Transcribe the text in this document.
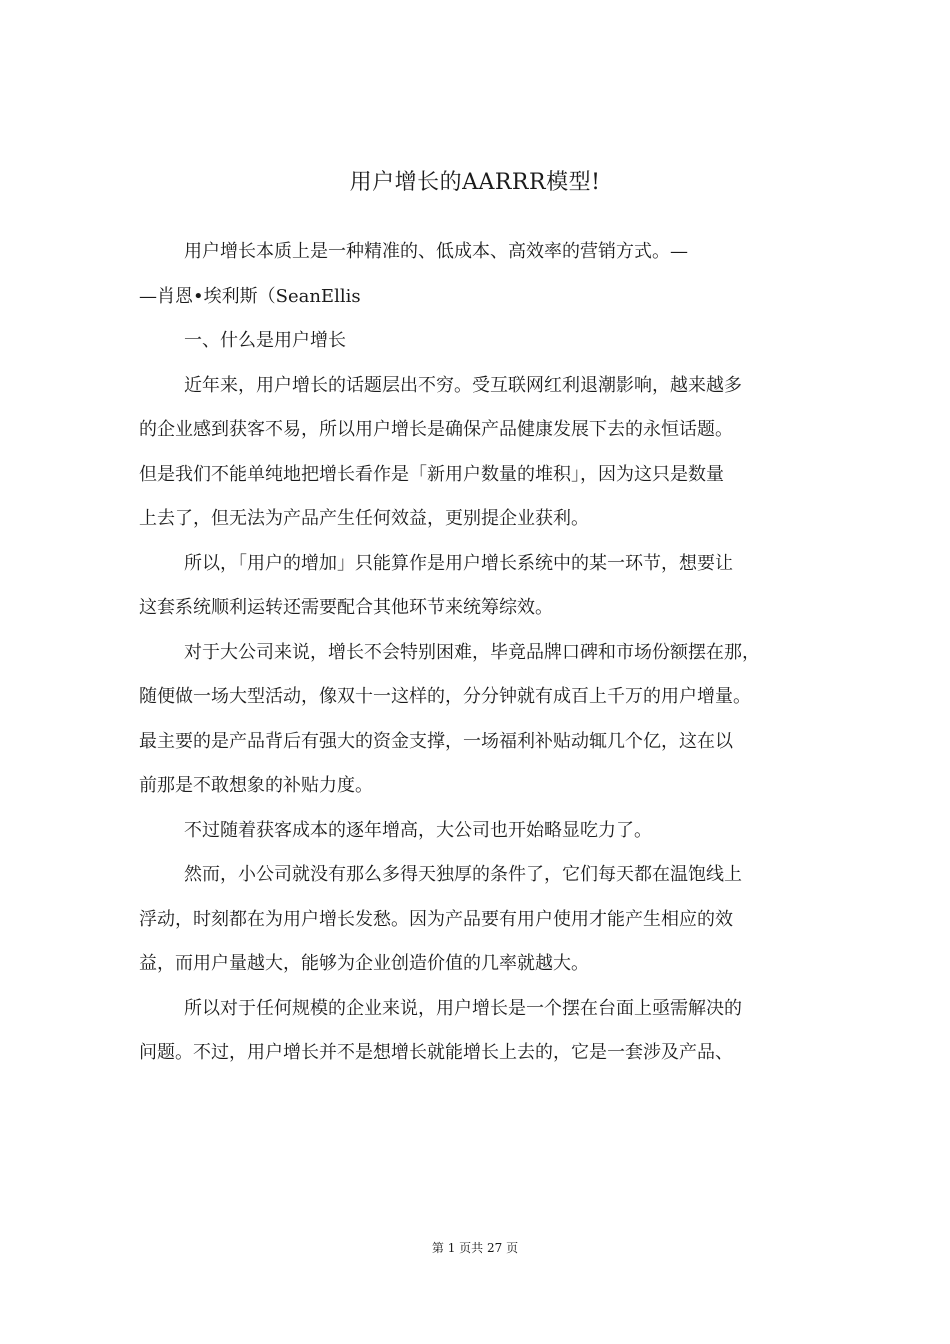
用户增长的AARRR模型!
用户增长本质上是一种精准的、低成本、高效率的营销方式。—
—肖恩•埃利斯（SeanEllis
一、什么是用户增长
近年来，用户增长的话题层出不穷。受互联网红利退潮影响，越来越多
的企业感到获客不易，所以用户增长是确保产品健康发展下去的永恒话题。
但是我们不能单纯地把增长看作是「新用户数量的堆积」，因为这只是数量
上去了，但无法为产品产生任何效益，更别提企业获利。
所以，「用户的增加」只能算作是用户增长系统中的某一环节，想要让
这套系统顺利运转还需要配合其他环节来统筹综效。
对于大公司来说，增长不会特别困难，毕竟品牌口碑和市场份额摆在那，
随便做一场大型活动，像双十一这样的，分分钟就有成百上千万的用户增量。
最主要的是产品背后有强大的资金支撑，一场福利补贴动辄几个亿，这在以
前那是不敢想象的补贴力度。
不过随着获客成本的逐年增高，大公司也开始略显吃力了。
然而，小公司就没有那么多得天独厚的条件了，它们每天都在温饱线上
浮动，时刻都在为用户增长发愁。因为产品要有用户使用才能产生相应的效
益，而用户量越大，能够为企业创造价值的几率就越大。
所以对于任何规模的企业来说，用户增长是一个摆在台面上亟需解决的
问题。不过，用户增长并不是想增长就能增长上去的，它是一套涉及产品、
第 1 页共 27 页
